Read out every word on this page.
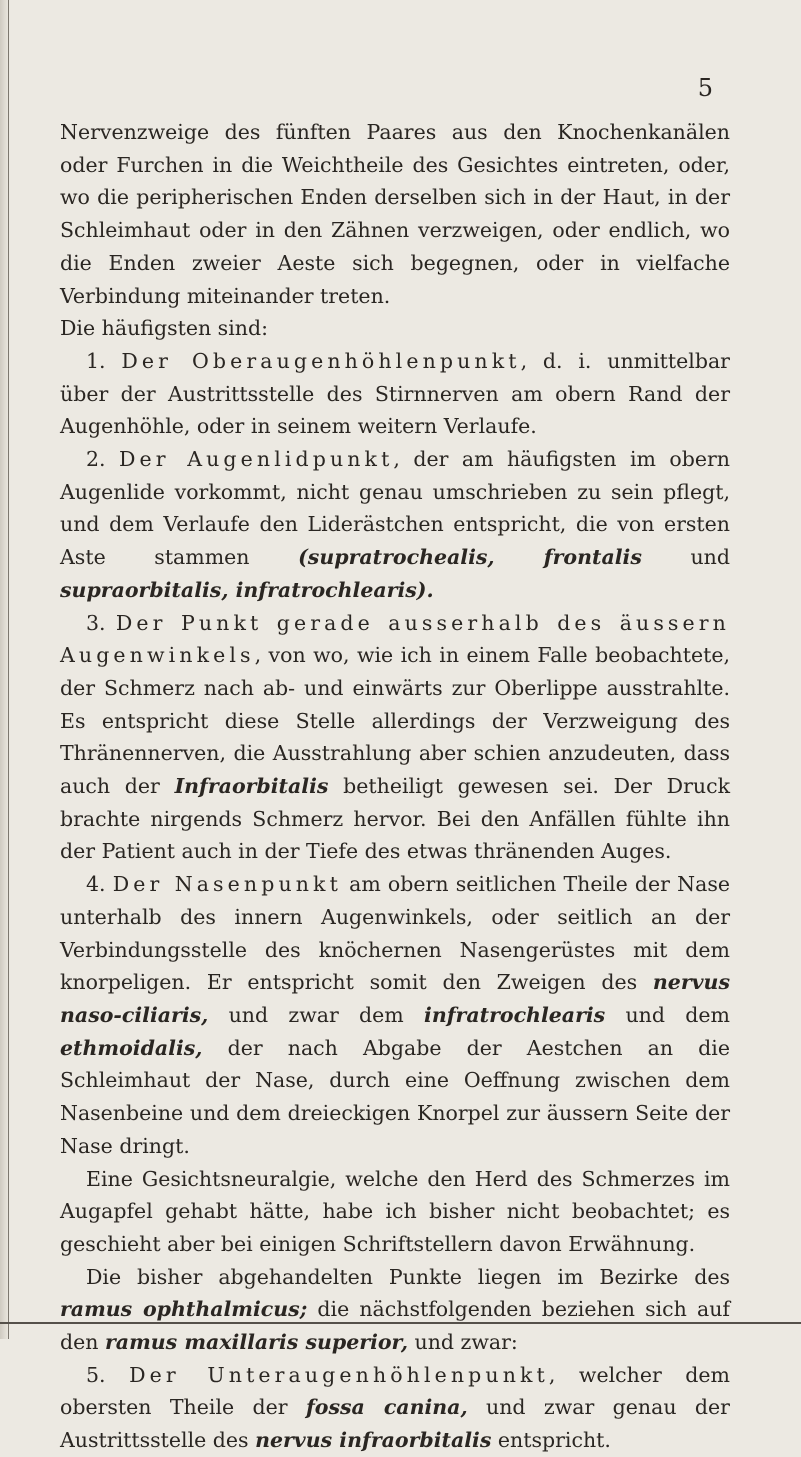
5

Nervenzweige des fünften Paares aus den Knochenkanälen oder Furchen in die Weichtheile des Gesichtes eintreten, oder, wo die peripherischen Enden derselben sich in der Haut, in der Schleimhaut oder in den Zähnen verzweigen, oder endlich, wo die Enden zweier Aeste sich begegnen, oder in vielfache Verbindung miteinander treten.
Die häufigsten sind:

1. Der Oberaugenhöhlenpunkt, d. i. unmittelbar über der Austrittsstelle des Stirnnerven am obern Rand der Augenhöhle, oder in seinem weitern Verlaufe.

2. Der Augenlidpunkt, der am häufigsten im obern Augenlide vorkommt, nicht genau umschrieben zu sein pflegt, und dem Verlaufe den Liderästchen entspricht, die von ersten Aste stammen (supratrochealis, frontalis und supraorbitalis, infratrochlearis).

3. Der Punkt gerade ausserhalb des äussern Augenwinkels, von wo, wie ich in einem Falle beobachtete, der Schmerz nach ab- und einwärts zur Oberlippe ausstrahlte. Es entspricht diese Stelle allerdings der Verzweigung des Thränennerven, die Ausstrahlung aber schien anzudeuten, dass auch der Infraorbitalis betheiligt gewesen sei. Der Druck brachte nirgends Schmerz hervor. Bei den Anfällen fühlte ihn der Patient auch in der Tiefe des etwas thränenden Auges.

4. Der Nasenpunkt am obern seitlichen Theile der Nase unterhalb des innern Augenwinkels, oder seitlich an der Verbindungsstelle des knöchernen Nasengerüstes mit dem knorpeligen. Er entspricht somit den Zweigen des nervus naso-ciliaris, und zwar dem infratrochlearis und dem ethmoidalis, der nach Abgabe der Aestchen an die Schleimhaut der Nase, durch eine Oeffnung zwischen dem Nasenbeine und dem dreieckigen Knorpel zur äussern Seite der Nase dringt.

Eine Gesichtsneuralgie, welche den Herd des Schmerzes im Augapfel gehabt hätte, habe ich bisher nicht beobachtet; es geschieht aber bei einigen Schriftstellern davon Erwähnung.

Die bisher abgehandelten Punkte liegen im Bezirke des ramus ophthalmicus; die nächstfolgenden beziehen sich auf den ramus maxillaris superior, und zwar:

5. Der Unteraugenhöhlenpunkt, welcher dem obersten Theile der fossa canina, und zwar genau der Austrittsstelle des nervus infraorbitalis entspricht.
